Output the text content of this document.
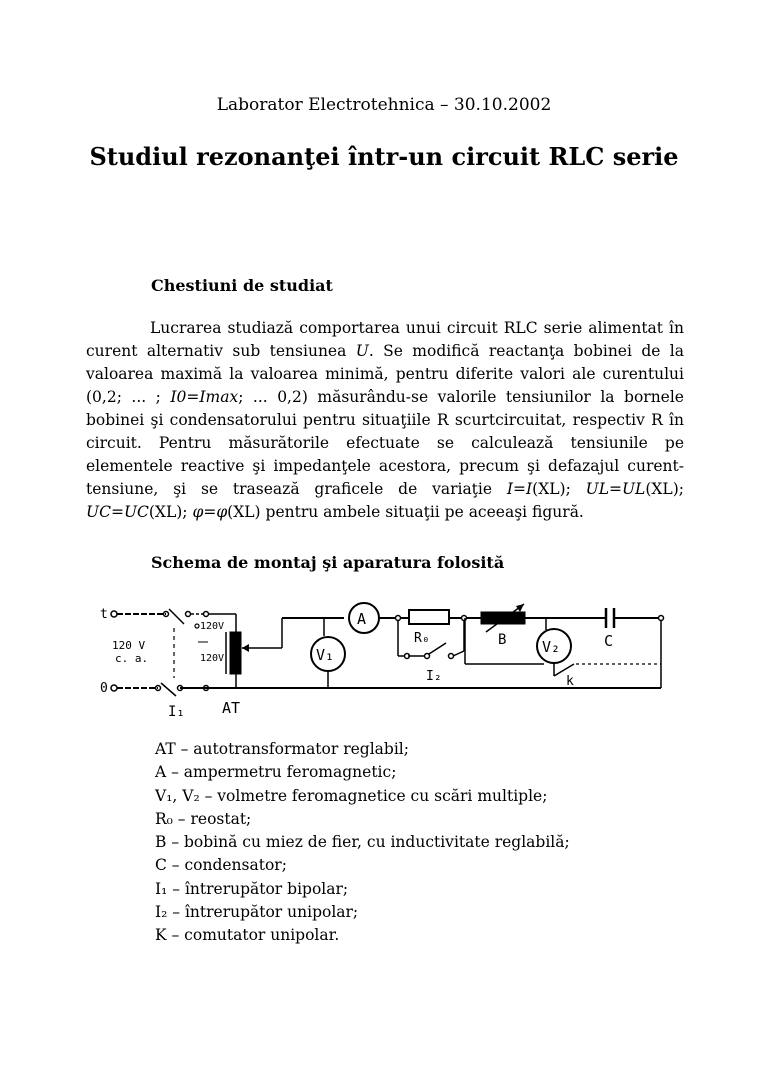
Laborator Electrotehnica – 30.10.2002
Studiul rezonanţei într-un circuit RLC serie
Chestiuni de studiat
Lucrarea studiază comportarea unui circuit RLC serie alimentat în curent alternativ sub tensiunea U. Se modifică reactanţa bobinei de la valoarea maximă la valoarea minimă, pentru diferite valori ale curentului (0,2; ... ; I0=Imax; ... 0,2) măsurându-se valorile tensiunilor la bornele bobinei şi condensatorului pentru situaţiile R scurtcircuitat, respectiv R în circuit. Pentru măsurătorile efectuate se calculează tensiunile pe elementele reactive şi impedanţele acestora, precum şi defazajul curent-tensiune, şi se trasează graficele de variaţie I=I(XL); UL=UL(XL); UC=UC(XL); φ=φ(XL) pentru ambele situaţii pe aceeaşi figură.
Schema de montaj şi aparatura folosită
t
0
120 V
c. a.
I₁
120V
120V
AT
V₁
A
R₀
I₂
B V₂
k
C
AT – autotransformator reglabil;
A – ampermetru feromagnetic;
V₁, V₂ – volmetre feromagnetice cu scări multiple;
R₀ – reostat;
B – bobină cu miez de fier, cu inductivitate reglabilă;
C – condensator;
I₁ – întrerupător bipolar;
I₂ – întrerupător unipolar;
K – comutator unipolar.
